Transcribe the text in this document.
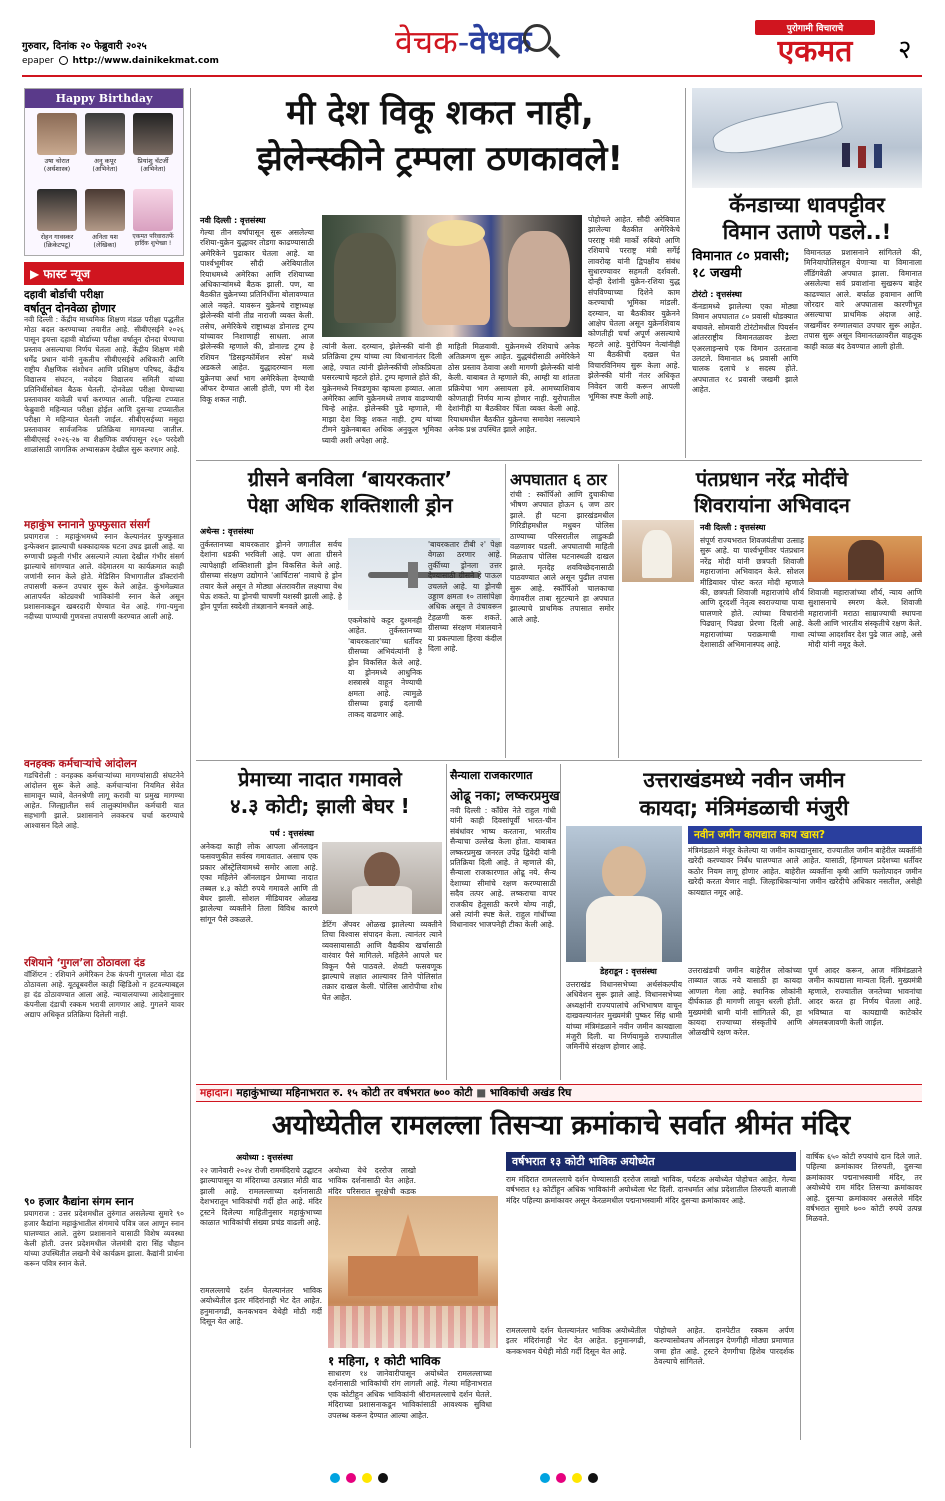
गुरुवार, दिनांक २० फेब्रुवारी २०२५
epaper http://www.dainikekmat.com	वेचक-वेधक	पुरोगामी विचाराचे
एकमत	२
Happy Birthday
उषा चोरात
(अर्थशास्त्र)
अनु कपूर
(अभिनेता)
प्रियांशु चॅटर्जी
(अभिनेता)
रोहन गावस्कर
(क्रिकेटपटू)
अनिता यश
(लेखिका)
एकमत परिवारातर्फे हार्दिक शुभेच्छा !
▶ फास्ट न्यूज
दहावी बोर्डाची परीक्षा
वर्षातून दोनवेळा होणार
नवी दिल्ली : केंद्रीय माध्यमिक शिक्षण मंडळ परीक्षा पद्धतीत मोठा बदल करण्याच्या तयारीत आहे. सीबीएसईने २०२६ पासून इयत्ता दहावी बोर्डाच्या परीक्षा वर्षातून दोनदा घेण्याचा प्रस्ताव असल्याचा निर्णय घेतला आहे. केंद्रीय शिक्षण मंत्री धर्मेंद्र प्रधान यांनी नुकतीच सीबीएसईचे अधिकारी आणि राष्ट्रीय शैक्षणिक संशोधन आणि प्रशिक्षण परिषद, केंद्रीय विद्यालय संघटन, नवोदय विद्यालय समिती यांच्या प्रतिनिधींसोबत बैठक घेतली. दोनवेळा परीक्षा घेण्याच्या प्रस्तावावर यावेळी चर्चा करण्यात आली. पहिल्या टप्प्यात फेब्रुवारी महिन्यात परीक्षा होईल आणि दुसऱ्या टप्प्यातील परीक्षा मे महिन्यात घेतली जाईल. सीबीएसईच्या मसुदा प्रस्तावावर सार्वजनिक प्रतिक्रिया मागवल्या जातील. सीबीएसई २०२६-२७ या शैक्षणिक वर्षापासून २६० परदेशी शाळांसाठी जागतिक अभ्यासक्रम देखील सुरू करणार आहे.
महाकुंभ स्नानाने फुफ्फुसात संसर्ग
प्रयागराज : महाकुंभमध्ये स्नान केल्यानंतर फुफ्फुसात इन्फेक्शन झाल्याची धक्कादायक घटना उघड झाली आहे. या रुग्णाची प्रकृती गंभीर असल्याने त्याला देखील गंभीर संसर्ग झाल्याचे सांगण्यात आले. वंदेमातरम या कार्यक्रमात काही जणांनी स्नान केले होते. मेडिसिन विभागातील डॉक्टरांनी तपासणी करून उपचार सुरू केले आहेत. कुंभमेळ्यात आतापर्यंत कोट्यवधी भाविकांनी स्नान केले असून प्रशासनाकडून खबरदारी घेण्यात येत आहे. गंगा-यमुना नदीच्या पाण्याची गुणवत्ता तपासणी करण्यात आली आहे.
वनहक्क कर्मचाऱ्यांचे आंदोलन
गडचिरोली : वनहक्क कर्मचाऱ्यांच्या मागण्यांसाठी संघटनेने आंदोलन सुरू केले आहे. कर्मचाऱ्यांना नियमित सेवेत सामावून घ्यावे, वेतनश्रेणी लागू करावी या प्रमुख मागण्या आहेत. जिल्ह्यातील सर्व तालुक्यांमधील कर्मचारी यात सहभागी झाले. प्रशासनाने लवकरच चर्चा करण्याचे आश्वासन दिले आहे.
रशियाने ‘गुगल’ला ठोठावला दंड
वॉशिंग्टन : रशियाने अमेरिकन टेक कंपनी गुगलला मोठा दंड ठोठावला आहे. यूट्यूबवरील काही व्हिडिओ न हटवल्याबद्दल हा दंड ठोठावण्यात आला आहे. न्यायालयाच्या आदेशानुसार कंपनीला दंडाची रक्कम भरावी लागणार आहे. गुगलने यावर अद्याप अधिकृत प्रतिक्रिया दिलेली नाही.
९० हजार कैद्यांना संगम स्नान
प्रयागराज : उत्तर प्रदेशमधील तुरुंगात असलेल्या सुमारे ९० हजार कैद्यांना महाकुंभातील संगमाचे पवित्र जल आणून स्नान घालण्यात आले. तुरुंग प्रशासनाने यासाठी विशेष व्यवस्था केली होती. उत्तर प्रदेशमधील जेलमंत्री दारा सिंह चौहान यांच्या उपस्थितीत लखनौ येथे कार्यक्रम झाला. कैद्यांनी प्रार्थना करून पवित्र स्नान केले.
मी देश विकू शकत नाही,
झेलेन्स्कीने ट्रम्पला ठणकावले!
नवी दिल्ली : वृत्तसंस्था
गेल्या तीन वर्षांपासून सुरू असलेल्या रशिया-युक्रेन युद्धावर तोडगा काढण्यासाठी अमेरिकेने पुढाकार घेतला आहे. या पार्श्वभूमीवर सौदी अरेबियातील रियाधमध्ये अमेरिका आणि रशियाच्या अधिकाऱ्यांमध्ये बैठक झाली. पण, या बैठकीत युक्रेनच्या प्रतिनिधींना बोलावण्यात आले नव्हते. यावरून युक्रेनचे राष्ट्राध्यक्ष झेलेन्स्की यांनी तीव्र नाराजी व्यक्त केली. तसेच, अमेरिकेचे राष्ट्राध्यक्ष डोनाल्ड ट्रम्प यांच्यावर निशाणाही साधला. आज झेलेन्स्की म्हणाले की, डोनाल्ड ट्रम्प हे रशियन 'डिसइन्फॉर्मेशन स्पेस' मध्ये अडकले आहेत. युद्धादरम्यान मला युक्रेनचा अर्धा भाग अमेरिकेला देण्याची ऑफर देण्यात आली होती, पण मी देश विकू शकत नाही.
त्यांनी केला. दरम्यान, झेलेन्स्की यांनी ही प्रतिक्रिया ट्रम्प यांच्या त्या विधानानंतर दिली आहे, ज्यात त्यांनी झेलेन्स्कींची लोकप्रियता घसरल्याचे म्हटले होते. ट्रम्प म्हणाले होते की, युक्रेनमध्ये निवडणुका व्हायला हव्यात. आता अमेरिका आणि युक्रेनमध्ये तणाव वाढण्याची चिन्हे आहेत. झेलेन्स्की पुढे म्हणाले, मी माझा देश विकू शकत नाही. ट्रम्प यांच्या टीमने युक्रेनबाबत अधिक अनुकूल भूमिका घ्यावी अशी अपेक्षा आहे.
माहिती मिळवावी. युक्रेनमध्ये रशियाचे अनेक अतिक्रमण सुरू आहेत. युद्धबंदीसाठी अमेरिकेने ठोस प्रस्ताव ठेवावा अशी मागणी झेलेन्स्की यांनी केली. याबाबत ते म्हणाले की, आम्ही या शांतता प्रक्रियेचा भाग असायला हवे. आमच्याशिवाय कोणताही निर्णय मान्य होणार नाही. युरोपातील देशांनीही या बैठकीवर चिंता व्यक्त केली आहे. रियाधमधील बैठकीत युक्रेनचा समावेश नसल्याने अनेक प्रश्न उपस्थित झाले आहेत.
पोहोचले आहेत. सौदी अरेबियात झालेल्या बैठकीत अमेरिकेचे परराष्ट्र मंत्री मार्को रुबियो आणि रशियाचे परराष्ट्र मंत्री सर्गेई लावरोव्ह यांनी द्विपक्षीय संबंध सुधारण्यावर सहमती दर्शवली. दोन्ही देशांनी युक्रेन-रशिया युद्ध संपविण्याच्या दिशेने काम करण्याची भूमिका मांडली. दरम्यान, या बैठकीवर युक्रेनने आक्षेप घेतला असून युक्रेनशिवाय कोणतीही चर्चा अपूर्ण असल्याचे म्हटले आहे. युरोपियन नेत्यांनीही या बैठकीची दखल घेत विचारविनिमय सुरू केला आहे. झेलेन्स्की यांनी नंतर अधिकृत निवेदन जारी करून आपली भूमिका स्पष्ट केली आहे.
कॅनडाच्या धावपट्टीवर
विमान उताणे पडले..!
विमानात ८० प्रवासी;
१८ जखमी
टोरंटो : वृत्तसंस्था
कॅनडामध्ये झालेल्या एका मोठ्या विमान अपघातात ८० प्रवासी थोडक्यात बचावले. सोमवारी टोरंटोमधील पियर्सन आंतरराष्ट्रीय विमानतळावर डेल्टा एअरलाइन्सचे एक विमान उतरताना उलटले. विमानात ७६ प्रवासी आणि चालक दलाचे ४ सदस्य होते. अपघातात १८ प्रवासी जखमी झाले आहेत.
विमानतळ प्रशासनाने सांगितले की, मिनियापोलिसहून येणाऱ्या या विमानाला लँडिंगवेळी अपघात झाला. विमानात असलेल्या सर्व प्रवाशांना सुखरूप बाहेर काढण्यात आले. बर्फाळ हवामान आणि जोरदार वारे अपघातास कारणीभूत असल्याचा प्राथमिक अंदाज आहे. जखमींवर रुग्णालयात उपचार सुरू आहेत. तपास सुरू असून विमानतळावरील वाहतूक काही काळ बंद ठेवण्यात आली होती.
ग्रीसने बनविला ‘बायरकतार’
पेक्षा अधिक शक्तिशाली ड्रोन
अथेन्स : वृत्तसंस्था
तुर्कस्तानच्या बायरकतार ड्रोनने जगातील सर्वच देशांना धडकी भरविली आहे. पण आता ग्रीसने त्यापेक्षाही शक्तिशाली ड्रोन विकसित केले आहे. ग्रीसच्या संरक्षण उद्योगाने 'आर्चिटास' नावाचे हे ड्रोन तयार केले असून ते मोठ्या अंतरावरील लक्ष्याचा वेध घेऊ शकते. या ड्रोनची चाचणी यशस्वी झाली आहे. हे ड्रोन पूर्णतः स्वदेशी तंत्रज्ञानाने बनवले आहे.
एकमेकांचे कट्टर दुश्मनही आहेत. तुर्कस्तानच्या 'बायरकतार'च्या धर्तीवर ग्रीसच्या अभियंत्यांनी हे ड्रोन विकसित केले आहे. या ड्रोनमध्ये आधुनिक शस्त्रास्त्रे वाहून नेण्याची क्षमता आहे. त्यामुळे ग्रीसच्या हवाई दलाची ताकद वाढणार आहे.
'बायरकतार टीबी २' पेक्षा वेगळा ठरणार आहे. तुर्कीच्या ड्रोनला उत्तर देण्यासाठी ग्रीसने हे पाऊल उचलले आहे. या ड्रोनची उड्डाण क्षमता १० तासांपेक्षा अधिक असून ते उंचावरून टेहळणी करू शकते. ग्रीसच्या संरक्षण मंत्रालयाने या प्रकल्पाला हिरवा कंदील दिला आहे.
अपघातात ६ ठार
रांची : स्कॉर्पिओ आणि दुचाकीचा भीषण अपघात होऊन ६ जण ठार झाले. ही घटना झारखंडमधील गिरिडीहमधील मधुबन पोलिस ठाण्याच्या परिसरातील लाडुकडी वळणावर घडली. अपघाताची माहिती मिळताच पोलिस घटनास्थळी दाखल झाले. मृतदेह शवविच्छेदनासाठी पाठवण्यात आले असून पुढील तपास सुरू आहे. स्कॉर्पिओ चालकाचा वेगावरील ताबा सुटल्याने हा अपघात झाल्याचे प्राथमिक तपासात समोर आले आहे.
पंतप्रधान नरेंद्र मोदींचे
शिवरायांना अभिवादन
नवी दिल्ली : वृत्तसंस्था
संपूर्ण राज्यभरात शिवजयंतीचा उत्साह सुरू आहे. या पार्श्वभूमीवर पंतप्रधान नरेंद्र मोदी यांनी छत्रपती शिवाजी महाराजांना अभिवादन केले. सोशल मीडियावर पोस्ट करत मोदी म्हणाले की, छत्रपती शिवाजी महाराजांचे शौर्य आणि दूरदर्शी नेतृत्व स्वराज्याचा पाया घालणारे होते. त्यांच्या विचारांनी पिढ्यान् पिढ्या प्रेरणा दिली आहे. महाराजांच्या पराक्रमाची गाथा देशासाठी अभिमानास्पद आहे.
शिवाजी महाराजांच्या शौर्य, न्याय आणि सुशासनाचे स्मरण केले. शिवाजी महाराजांनी मराठा साम्राज्याची स्थापना केली आणि भारतीय संस्कृतीचे रक्षण केले. त्यांच्या आदर्शांवर देश पुढे जात आहे, असे मोदी यांनी नमूद केले.
प्रेमाच्या नादात गमावले
४.३ कोटी; झाली बेघर !
पर्थ : वृत्तसंस्था
अनेकदा काही लोक आपला ऑनलाइन फसवणुकीत सर्वस्व गमावतात. असाच एक प्रकार ऑस्ट्रेलियामध्ये समोर आला आहे. एका महिलेने ऑनलाइन प्रेमाच्या नादात तब्बल ४.३ कोटी रुपये गमावले आणि ती बेघर झाली. सोशल मीडियावर ओळख झालेल्या व्यक्तीने तिला विविध कारणे सांगून पैसे उकळले.
डेटिंग ॲपवर ओळख झालेल्या व्यक्तीने तिचा विश्वास संपादन केला. त्यानंतर त्याने व्यवसायासाठी आणि वैद्यकीय खर्चासाठी वारंवार पैसे मागितले. महिलेने आपले घर विकून पैसे पाठवले. शेवटी फसवणूक झाल्याचे लक्षात आल्यावर तिने पोलिसांत तक्रार दाखल केली. पोलिस आरोपीचा शोध घेत आहेत.
सैन्याला राजकारणात
ओढू नका; लष्करप्रमुख
नवी दिल्ली : काँग्रेस नेते राहुल गांधी यांनी काही दिवसांपूर्वी भारत-चीन संबंधांवर भाष्य करताना, भारतीय सैन्याचा उल्लेख केला होता. याबाबत लष्करप्रमुख जनरल उपेंद्र द्विवेदी यांनी प्रतिक्रिया दिली आहे. ते म्हणाले की, सैन्याला राजकारणात ओढू नये. सैन्य देशाच्या सीमांचे रक्षण करण्यासाठी सदैव तत्पर आहे. लष्कराचा वापर राजकीय हेतूसाठी करणे योग्य नाही, असे त्यांनी स्पष्ट केले. राहुल गांधींच्या विधानावर भाजपनेही टीका केली आहे.
उत्तराखंडमध्ये नवीन जमीन
कायदा; मंत्रिमंडळाची मंजुरी
नवीन जमीन कायद्यात काय खास?
मंत्रिमंडळाने मंजूर केलेल्या या जमीन कायद्यानुसार, राज्यातील जमीन बाहेरील व्यक्तींनी खरेदी करण्यावर निर्बंध घालण्यात आले आहेत. यासाठी, हिमाचल प्रदेशच्या धर्तीवर कठोर नियम लागू होणार आहेत. बाहेरील व्यक्तींना कृषी आणि फलोत्पादन जमीन खरेदी करता येणार नाही. जिल्हाधिकाऱ्यांना जमीन खरेदीचे अधिकार नसतील, असेही कायद्यात नमूद आहे.
डेहराडून : वृत्तसंस्था
उत्तराखंड विधानसभेच्या अर्थसंकल्पीय अधिवेशन सुरू झाले आहे. विधानसभेच्या अध्यक्षांनी राज्यपालांचे अभिभाषण वाचून दाखवल्यानंतर मुख्यमंत्री पुष्कर सिंह धामी यांच्या मंत्रिमंडळाने नवीन जमीन कायद्याला मंजुरी दिली. या निर्णयामुळे राज्यातील जमिनींचे संरक्षण होणार आहे.
उत्तराखंडची जमीन बाहेरील लोकांच्या ताब्यात जाऊ नये यासाठी हा कायदा आणला गेला आहे. स्थानिक लोकांनी दीर्घकाळ ही मागणी लावून धरली होती. मुख्यमंत्री धामी यांनी सांगितले की, हा कायदा राज्याच्या संस्कृतीचे आणि ओळखीचे रक्षण करेल.
पूर्ण आदर करून, आज मंत्रिमंडळाने जमीन कायद्याला मान्यता दिली. मुख्यमंत्री म्हणाले, राज्यातील जनतेच्या भावनांचा आदर करत हा निर्णय घेतला आहे. भविष्यात या कायद्याची काटेकोर अंमलबजावणी केली जाईल.
महादान। महाकुंभाच्या महिनाभरात रु. १५ कोटी तर वर्षभरात ७०० कोटी ■ भाविकांची अखंड रिघ
अयोध्येतील रामलल्ला तिसऱ्या क्रमांकाचे सर्वात श्रीमंत मंदिर
अयोध्या : वृत्तसंस्था
२२ जानेवारी २०२४ रोजी राममंदिराचे उद्घाटन झाल्यापासून या मंदिराच्या उत्पन्नात मोठी वाढ झाली आहे. रामलल्लाच्या दर्शनासाठी देशभरातून भाविकांची गर्दी होत आहे. मंदिर ट्रस्टने दिलेल्या माहितीनुसार महाकुंभाच्या काळात भाविकांची संख्या प्रचंड वाढली आहे.
अयोध्या येथे दररोज लाखो भाविक दर्शनासाठी येत आहेत. मंदिर परिसरात सुरक्षेची कडक
१ महिना, १ कोटी भाविक
साधारण १४ जानेवारीपासून अयोध्येत रामलल्लाच्या दर्शनासाठी भाविकांची रांग लागली आहे. गेल्या महिनाभरात एक कोटीहून अधिक भाविकांनी श्रीरामलल्लाचे दर्शन घेतले. मंदिराच्या प्रशासनाकडून भाविकांसाठी आवश्यक सुविधा उपलब्ध करून देण्यात आल्या आहेत.
रामलल्लाचे दर्शन घेतल्यानंतर भाविक अयोध्येतील इतर मंदिरांनाही भेट देत आहेत. हनुमानगढी, कनकभवन येथेही मोठी गर्दी दिसून येत आहे.
वर्षभरात १३ कोटी भाविक अयोध्येत
राम मंदिरात रामलल्लाचे दर्शन घेण्यासाठी दररोज लाखो भाविक, पर्यटक अयोध्येत पोहोचत आहेत. गेल्या वर्षभरात १३ कोटींहून अधिक भाविकांनी अयोध्येला भेट दिली. दानधर्मात आंध्र प्रदेशातील तिरुपती बालाजी मंदिर पहिल्या क्रमांकावर असून केरळमधील पद्मनाभस्वामी मंदिर दुसऱ्या क्रमांकावर आहे.
रामलल्लाचे दर्शन घेतल्यानंतर भाविक अयोध्येतील इतर मंदिरांनाही भेट देत आहेत. हनुमानगढी, कनकभवन येथेही मोठी गर्दी दिसून येत आहे.
पोहोचले आहेत. दानपेटीत रक्कम अर्पण करण्यासोबतच ऑनलाइन देणगीही मोठ्या प्रमाणात जमा होत आहे. ट्रस्टने देणगीचा हिशेब पारदर्शक ठेवल्याचे सांगितले.
वार्षिक ६५० कोटी रुपयांचे दान दिले जाते. पहिल्या क्रमांकावर तिरुपती, दुसऱ्या क्रमांकावर पद्मनाभस्वामी मंदिर, तर अयोध्येचे राम मंदिर तिसऱ्या क्रमांकावर आहे. दुसऱ्या क्रमांकावर असलेले मंदिर वर्षभरात सुमारे ७०० कोटी रुपये उत्पन्न मिळवते.
